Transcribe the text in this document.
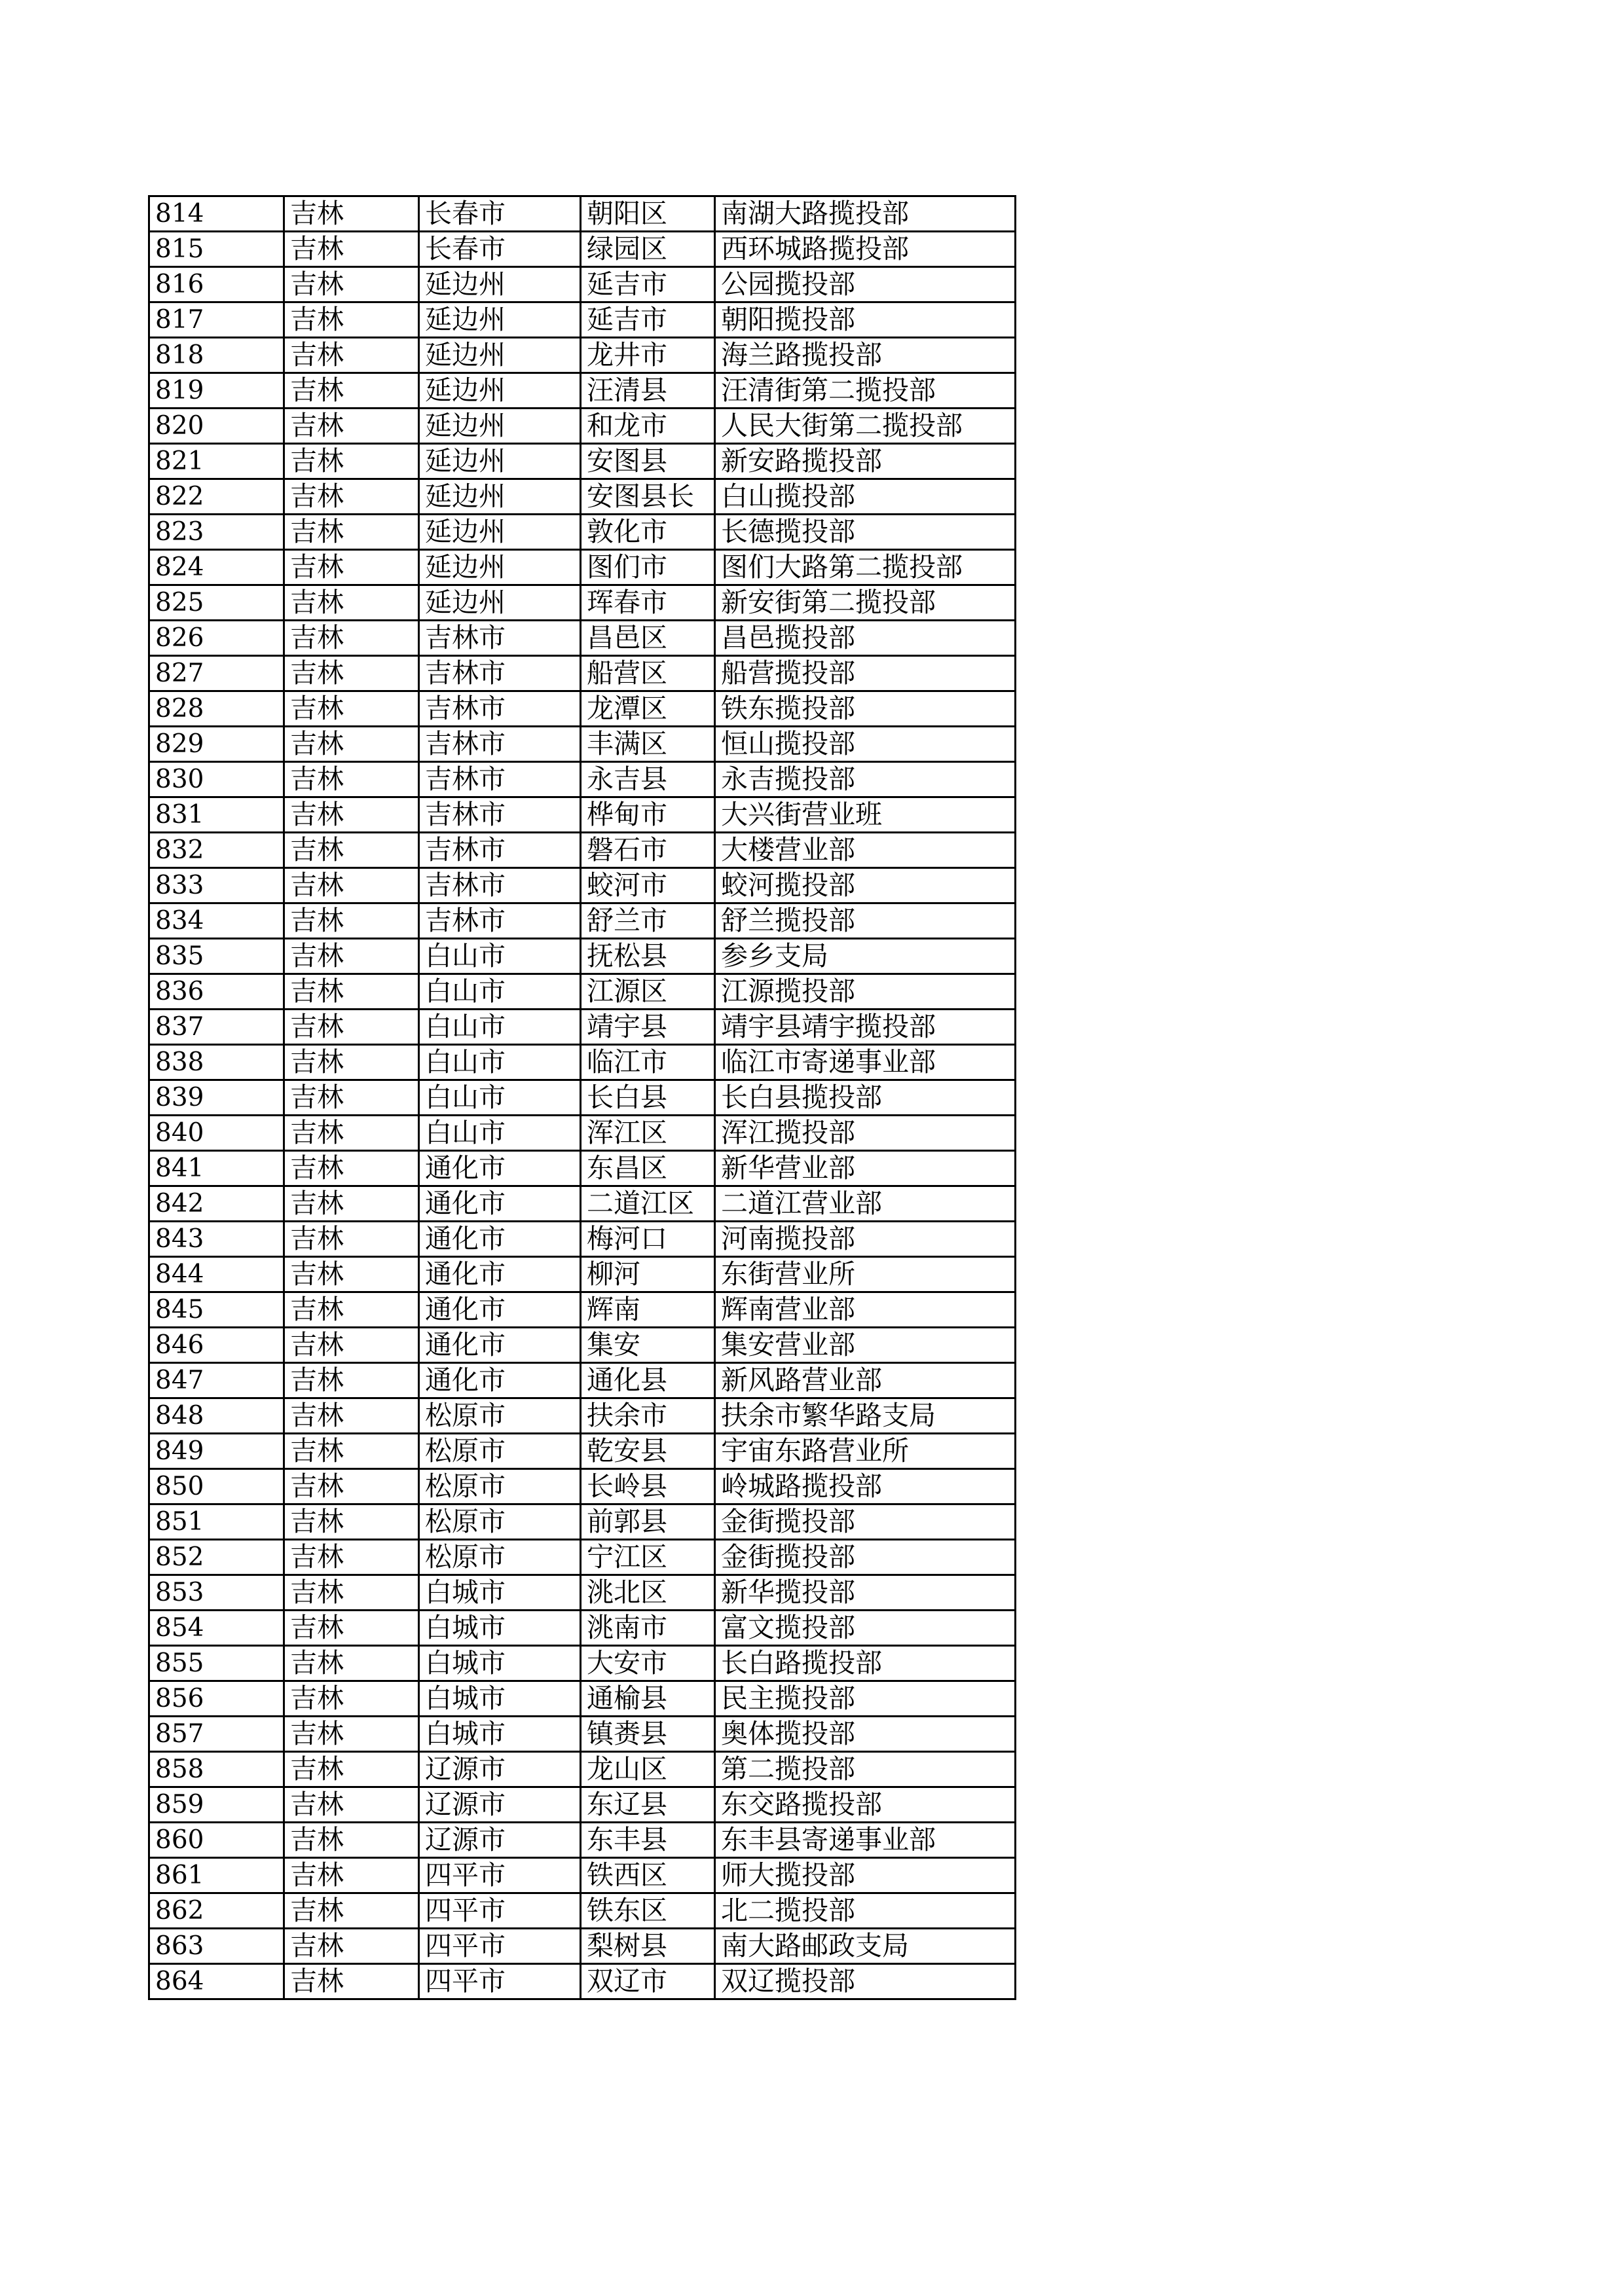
814	吉林	长春市	朝阳区	南湖大路揽投部
815	吉林	长春市	绿园区	西环城路揽投部
816	吉林	延边州	延吉市	公园揽投部
817	吉林	延边州	延吉市	朝阳揽投部
818	吉林	延边州	龙井市	海兰路揽投部
819	吉林	延边州	汪清县	汪清街第二揽投部
820	吉林	延边州	和龙市	人民大街第二揽投部
821	吉林	延边州	安图县	新安路揽投部
822	吉林	延边州	安图县长	白山揽投部
823	吉林	延边州	敦化市	长德揽投部
824	吉林	延边州	图们市	图们大路第二揽投部
825	吉林	延边州	珲春市	新安街第二揽投部
826	吉林	吉林市	昌邑区	昌邑揽投部
827	吉林	吉林市	船营区	船营揽投部
828	吉林	吉林市	龙潭区	铁东揽投部
829	吉林	吉林市	丰满区	恒山揽投部
830	吉林	吉林市	永吉县	永吉揽投部
831	吉林	吉林市	桦甸市	大兴街营业班
832	吉林	吉林市	磐石市	大楼营业部
833	吉林	吉林市	蛟河市	蛟河揽投部
834	吉林	吉林市	舒兰市	舒兰揽投部
835	吉林	白山市	抚松县	参乡支局
836	吉林	白山市	江源区	江源揽投部
837	吉林	白山市	靖宇县	靖宇县靖宇揽投部
838	吉林	白山市	临江市	临江市寄递事业部
839	吉林	白山市	长白县	长白县揽投部
840	吉林	白山市	浑江区	浑江揽投部
841	吉林	通化市	东昌区	新华营业部
842	吉林	通化市	二道江区	二道江营业部
843	吉林	通化市	梅河口	河南揽投部
844	吉林	通化市	柳河	东街营业所
845	吉林	通化市	辉南	辉南营业部
846	吉林	通化市	集安	集安营业部
847	吉林	通化市	通化县	新风路营业部
848	吉林	松原市	扶余市	扶余市繁华路支局
849	吉林	松原市	乾安县	宇宙东路营业所
850	吉林	松原市	长岭县	岭城路揽投部
851	吉林	松原市	前郭县	金街揽投部
852	吉林	松原市	宁江区	金街揽投部
853	吉林	白城市	洮北区	新华揽投部
854	吉林	白城市	洮南市	富文揽投部
855	吉林	白城市	大安市	长白路揽投部
856	吉林	白城市	通榆县	民主揽投部
857	吉林	白城市	镇赉县	奥体揽投部
858	吉林	辽源市	龙山区	第二揽投部
859	吉林	辽源市	东辽县	东交路揽投部
860	吉林	辽源市	东丰县	东丰县寄递事业部
861	吉林	四平市	铁西区	师大揽投部
862	吉林	四平市	铁东区	北二揽投部
863	吉林	四平市	梨树县	南大路邮政支局
864	吉林	四平市	双辽市	双辽揽投部
